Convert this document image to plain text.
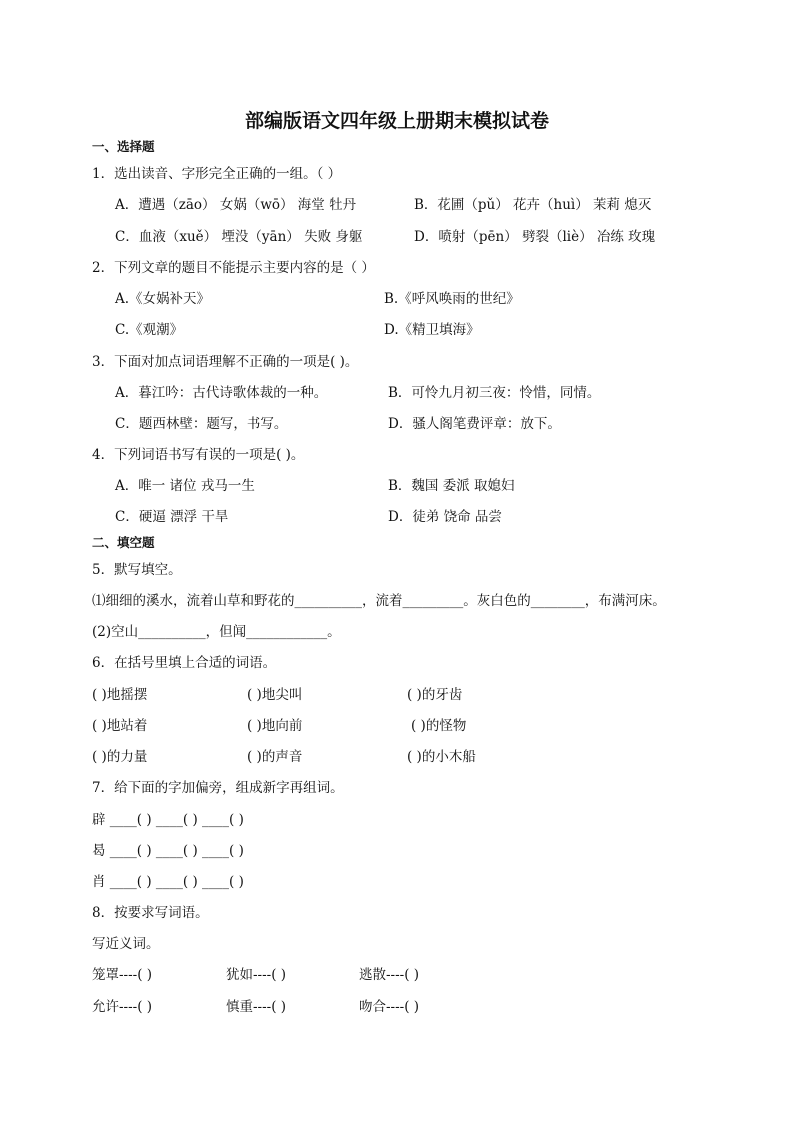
部编版语文四年级上册期末模拟试卷
一、选择题
1．选出读音、字形完全正确的一组。（ ）
A．遭遇（zāo） 女娲（wō） 海堂 牡丹	B．花圃（pǔ） 花卉（huì） 茉莉 熄灭
C．血液（xuě） 堙没（yān） 失败 身躯	D．喷射（pēn） 劈裂（liè） 冶练 玫瑰
2．下列文章的题目不能提示主要内容的是（ ）
A.《女娲补天》	B.《呼风唤雨的世纪》
C.《观潮》	D.《精卫填海》
3．下面对加点词语理解不正确的一项是( )。
A．暮江吟：古代诗歌体裁的一种。	B．可怜九月初三夜：怜惜，同情。
C．题西林壁：题写，书写。	D．骚人阁笔费评章：放下。
4．下列词语书写有误的一项是( )。
A．唯一 诸位 戎马一生	B．魏国 委派 取媳妇
C．硬逼 漂浮 干旱	D．徒弟 饶命 品尝
二、填空题
5．默写填空。
⑴细细的溪水，流着山草和野花的__________，流着_________。灰白色的________，布满河床。
(2)空山__________，但闻____________。
6．在括号里填上合适的词语。
( )地摇摆	( )地尖叫	( )的牙齿
( )地站着	( )地向前	( )的怪物
( )的力量	( )的声音	( )的小木船
7．给下面的字加偏旁，组成新字再组词。
辟 ____( ) ____( ) ____( )
曷 ____( ) ____( ) ____( )
肖 ____( ) ____( ) ____( )
8．按要求写词语。
写近义词。
笼罩----( )	犹如----( )	逃散----( )
允许----( )	慎重----( )	吻合----( )
